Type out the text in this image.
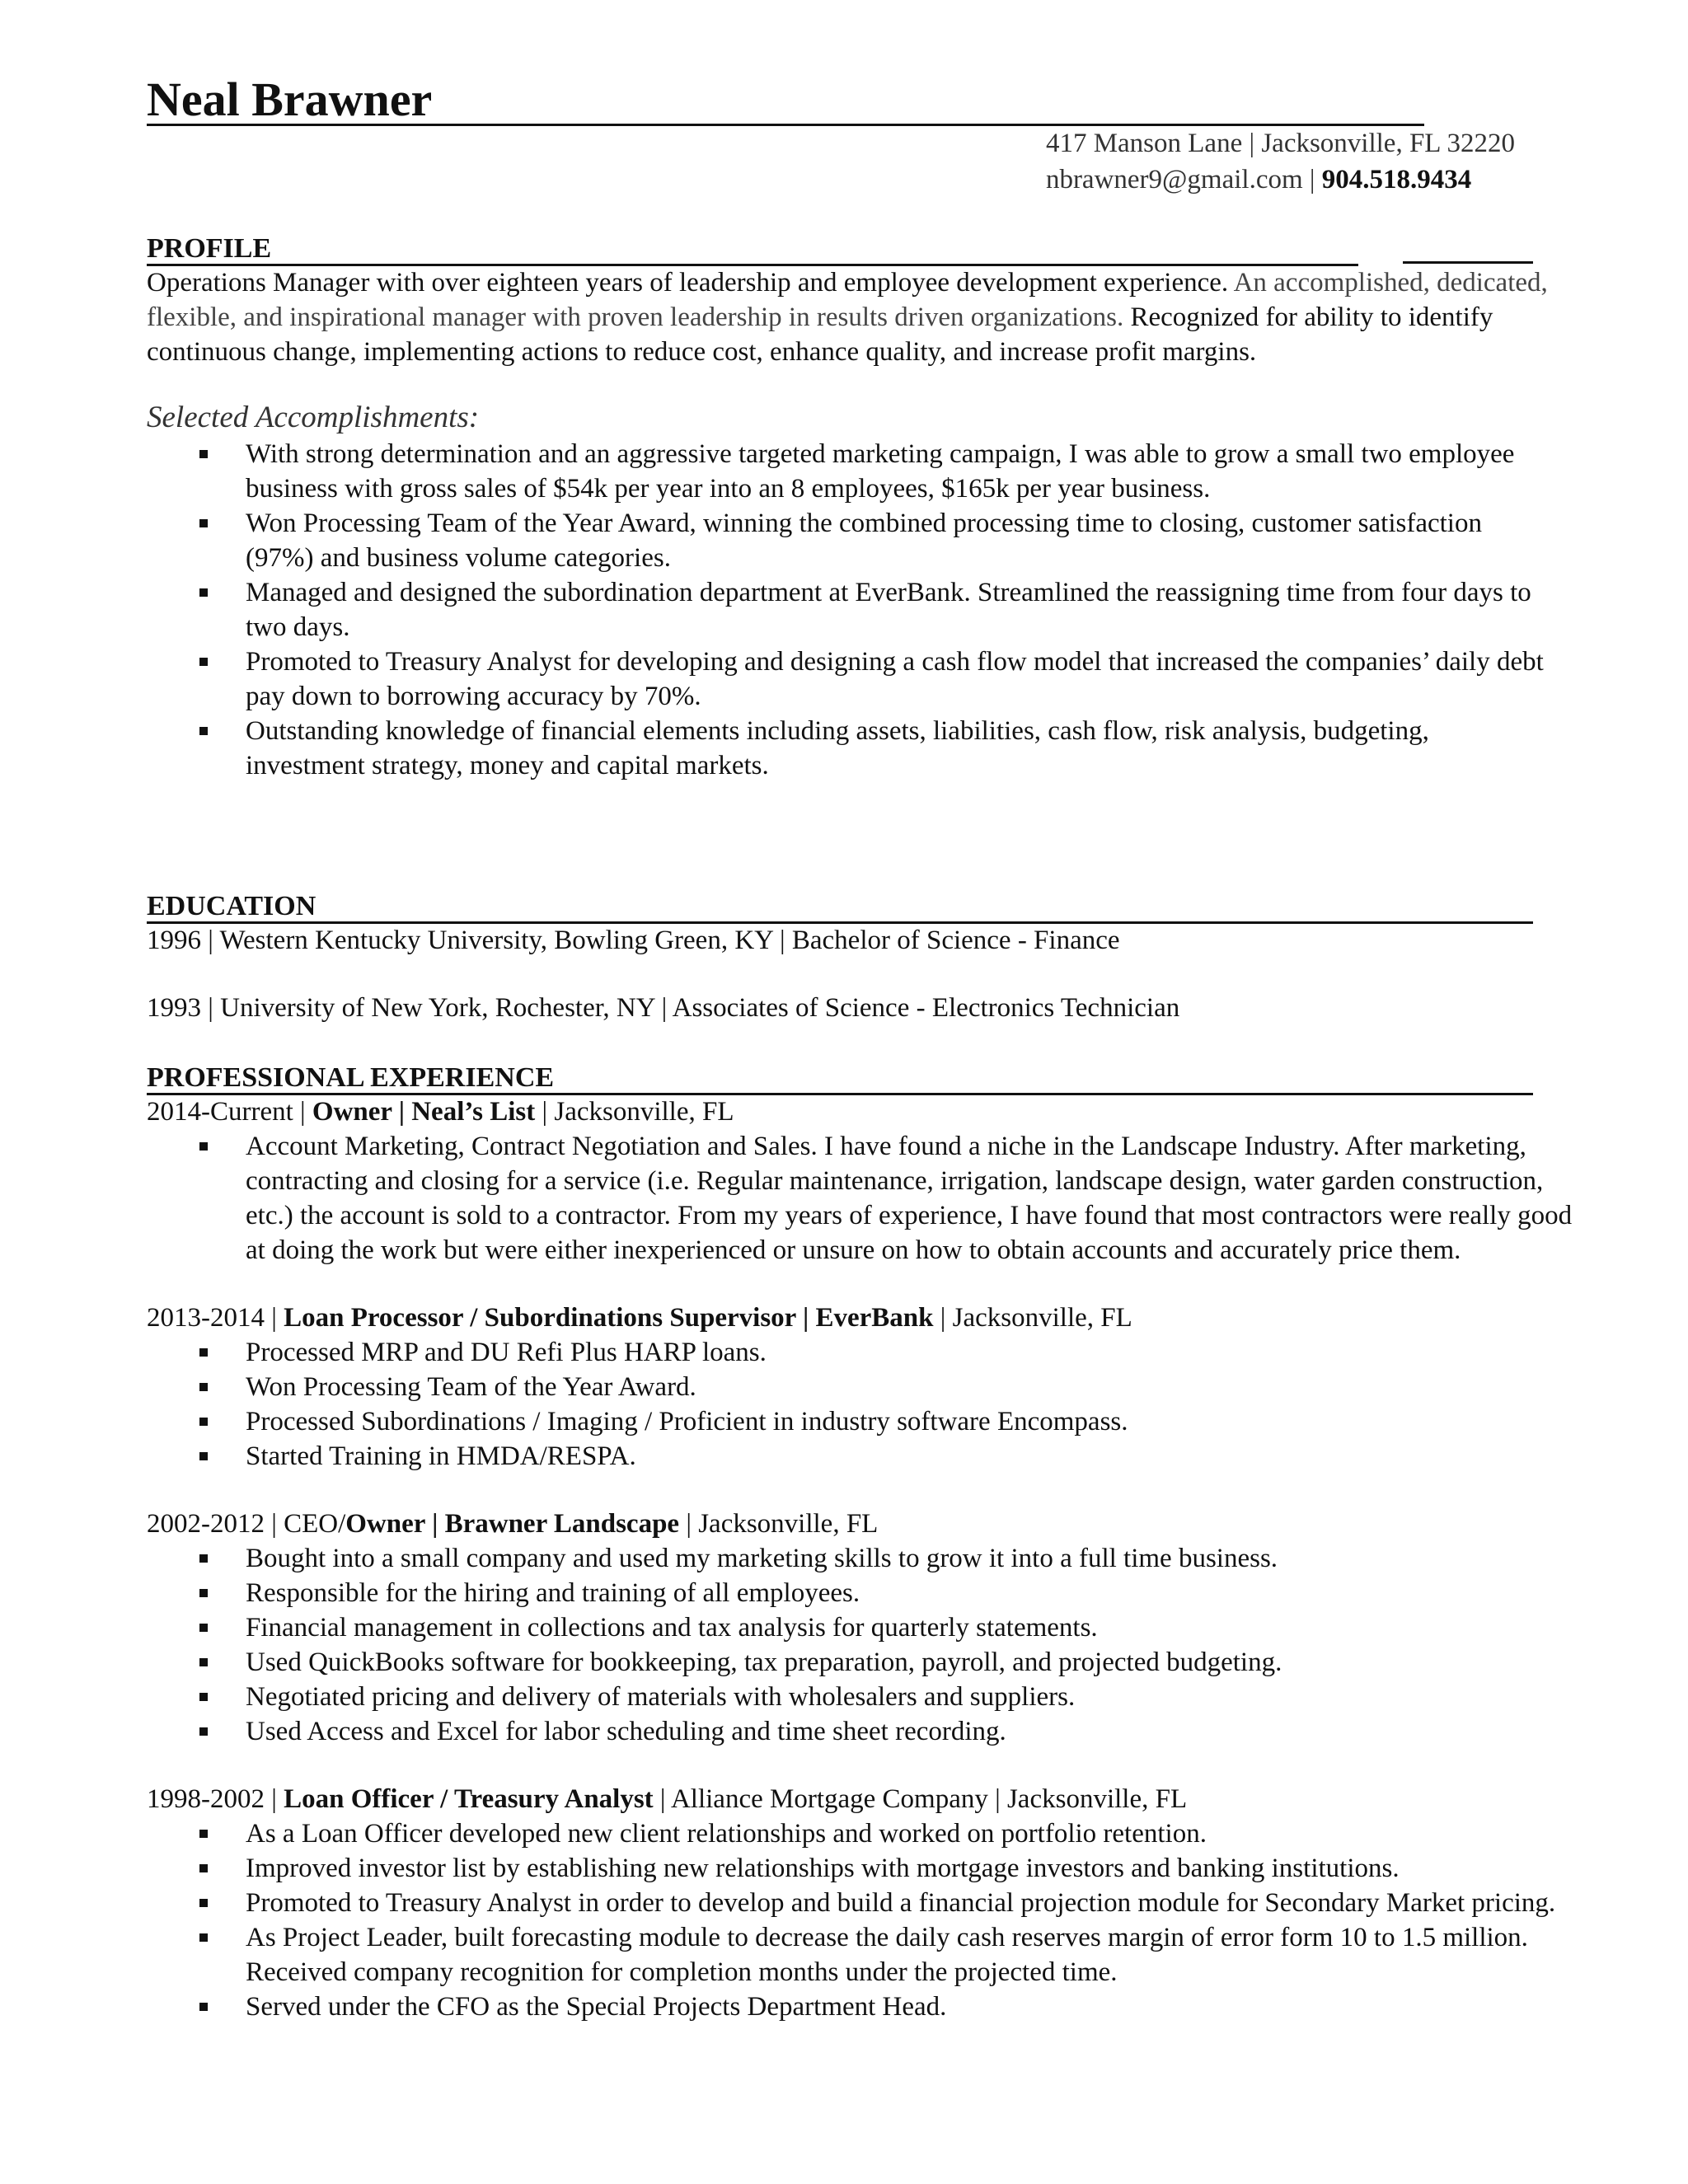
Neal Brawner
417 Manson Lane | Jacksonville, FL 32220
nbrawner9@gmail.com | 904.518.9434
PROFILE

Operations Manager with over eighteen years of leadership and employee development experience. An accomplished, dedicated, flexible, and inspirational manager with proven leadership in results driven organizations. Recognized for ability to identify continuous change, implementing actions to reduce cost, enhance quality, and increase profit margins.

Selected Accomplishments:

With strong determination and an aggressive targeted marketing campaign, I was able to grow a small two employee business with gross sales of $54k per year into an 8 employees, $165k per year business.
Won Processing Team of the Year Award, winning the combined processing time to closing, customer satisfaction (97%) and business volume categories.
Managed and designed the subordination department at EverBank. Streamlined the reassigning time from four days to two days.
Promoted to Treasury Analyst for developing and designing a cash flow model that increased the companies’ daily debt pay down to borrowing accuracy by 70%.
Outstanding knowledge of financial elements including assets, liabilities, cash flow, risk analysis, budgeting, investment strategy, money and capital markets.
EDUCATION

1996 | Western Kentucky University, Bowling Green, KY | Bachelor of Science - Finance

1993 | University of New York, Rochester, NY | Associates of Science - Electronics Technician

PROFESSIONAL EXPERIENCE

2014-Current | Owner | Neal’s List | Jacksonville, FL

Account Marketing, Contract Negotiation and Sales. I have found a niche in the Landscape Industry. After marketing, contracting and closing for a service (i.e. Regular maintenance, irrigation, landscape design, water garden construction, etc.) the account is sold to a contractor. From my years of experience, I have found that most contractors were really good at doing the work but were either inexperienced or unsure on how to obtain accounts and accurately price them.

2013-2014 | Loan Processor / Subordinations Supervisor | EverBank | Jacksonville, FL

Processed MRP and DU Refi Plus HARP loans.
Won Processing Team of the Year Award.
Processed Subordinations / Imaging / Proficient in industry software Encompass.
Started Training in HMDA/RESPA.

2002-2012 | CEO/Owner | Brawner Landscape | Jacksonville, FL

Bought into a small company and used my marketing skills to grow it into a full time business.
Responsible for the hiring and training of all employees.
Financial management in collections and tax analysis for quarterly statements.
Used QuickBooks software for bookkeeping, tax preparation, payroll, and projected budgeting.
Negotiated pricing and delivery of materials with wholesalers and suppliers.
Used Access and Excel for labor scheduling and time sheet recording.

1998-2002 | Loan Officer / Treasury Analyst | Alliance Mortgage Company | Jacksonville, FL

As a Loan Officer developed new client relationships and worked on portfolio retention.
Improved investor list by establishing new relationships with mortgage investors and banking institutions.
Promoted to Treasury Analyst in order to develop and build a financial projection module for Secondary Market pricing.
As Project Leader, built forecasting module to decrease the daily cash reserves margin of error form 10 to 1.5 million. Received company recognition for completion months under the projected time.
Served under the CFO as the Special Projects Department Head.
